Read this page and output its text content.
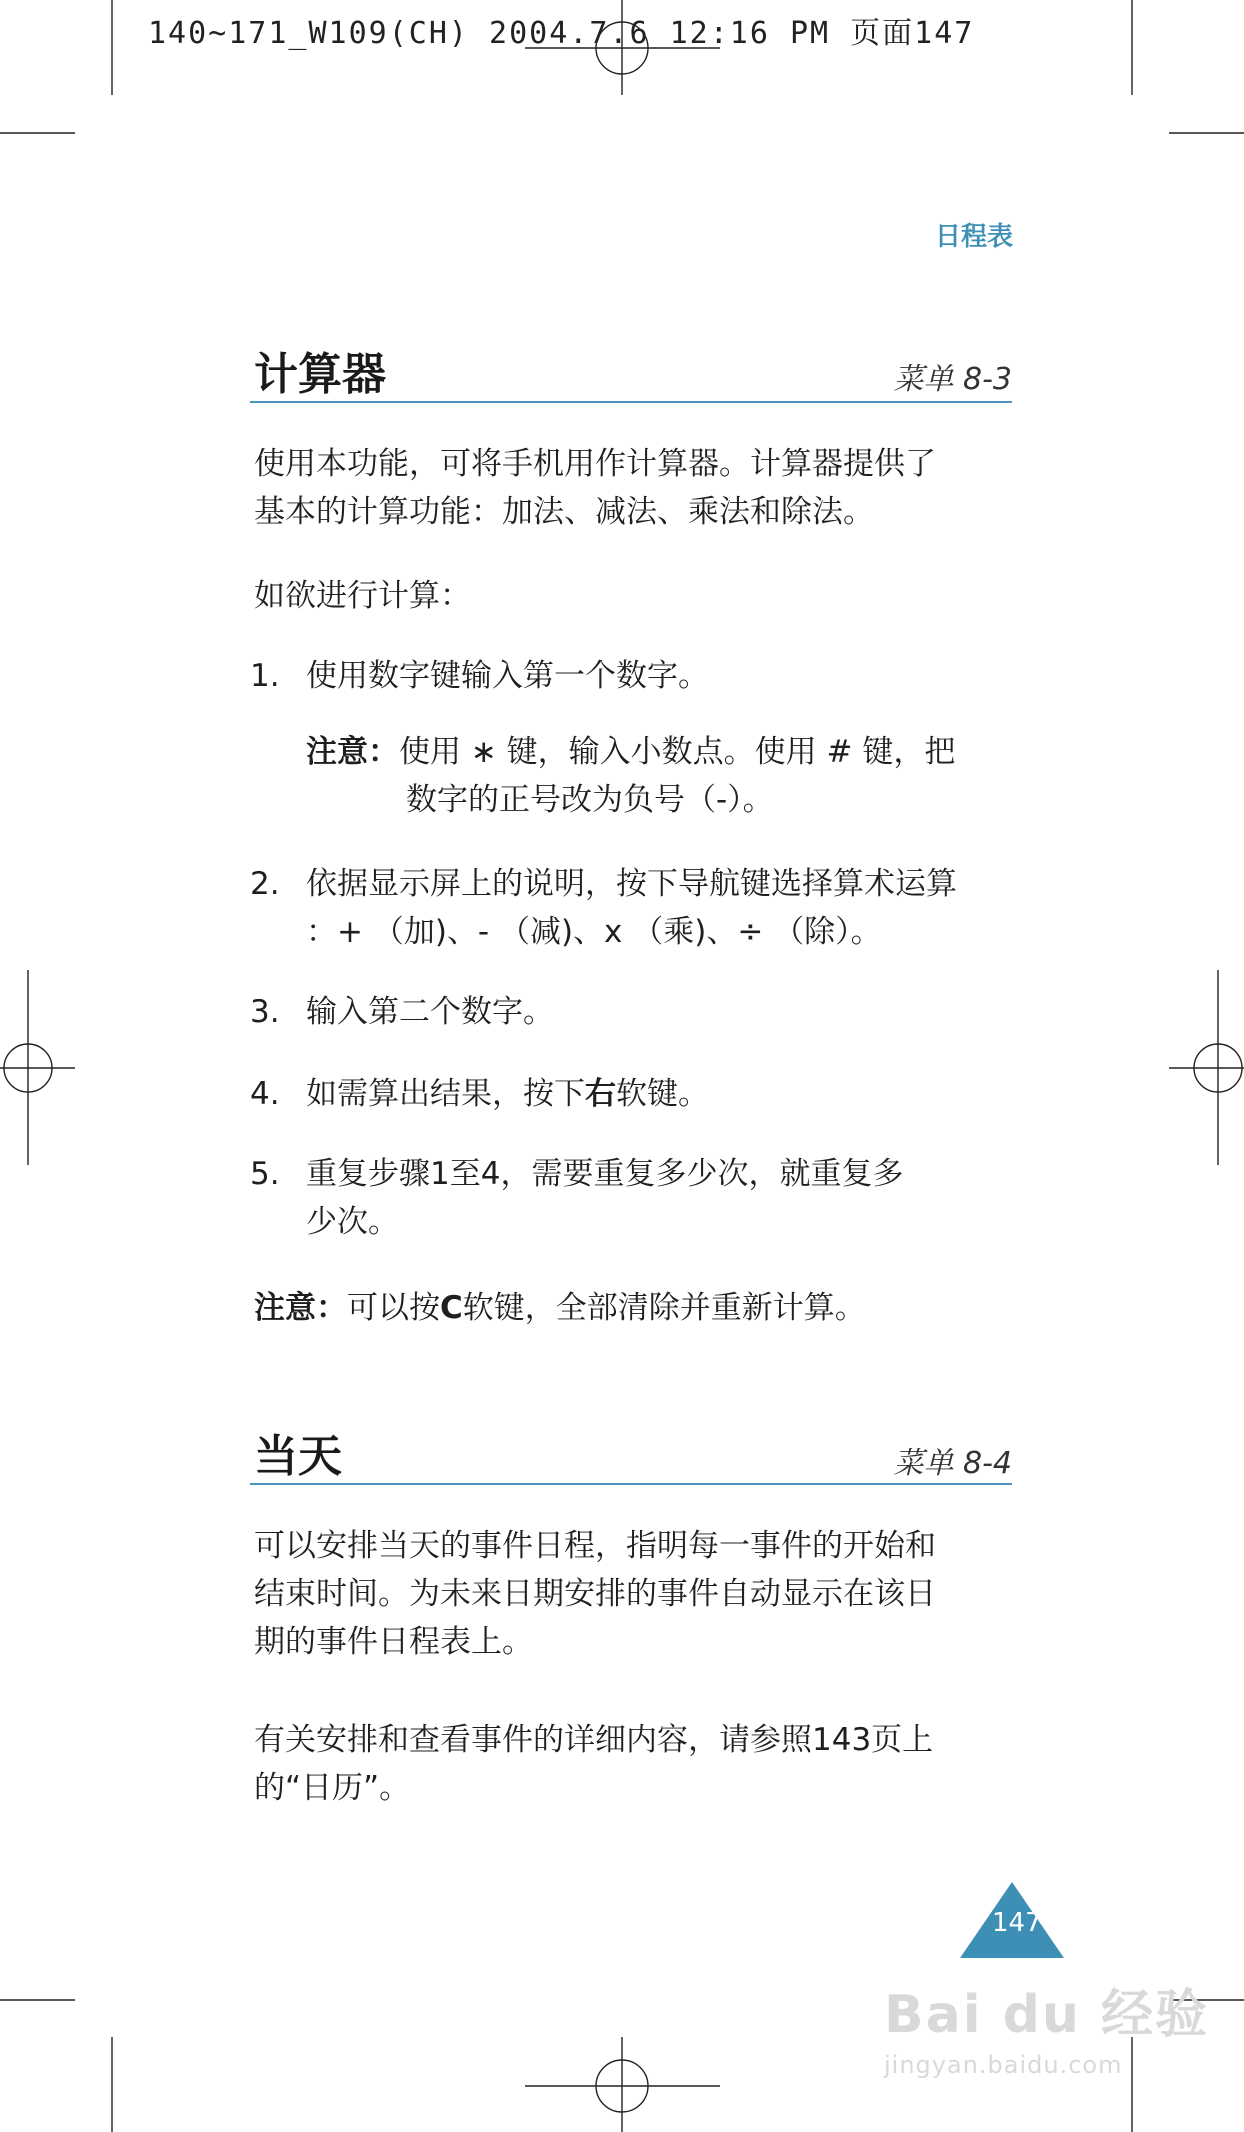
140~171_W109(CH) 2004.7.6 12:16 PM 页面147
日程表
计算器	菜单 8-3
使用本功能，可将手机用作计算器。计算器提供了
基本的计算功能：加法、减法、乘法和除法。
如欲进行计算：
1. 使用数字键输入第一个数字。
注意：使用 ∗ 键，输入小数点。使用 # 键，把
数字的正号改为负号（-）。
2. 依据显示屏上的说明，按下导航键选择算术运算
：+ （加)、- （减)、x （乘)、÷ （除）。
3. 输入第二个数字。
4. 如需算出结果，按下右软键。
5. 重复步骤1至4，需要重复多少次，就重复多
少次。
注意：可以按C软键，全部清除并重新计算。
当天	菜单 8-4
可以安排当天的事件日程，指明每一事件的开始和
结束时间。为未来日期安排的事件自动显示在该日
期的事件日程表上。
有关安排和查看事件的详细内容，请参照143页上
的“日历”。
147
Bai du 经验
jingyan.baidu.com
